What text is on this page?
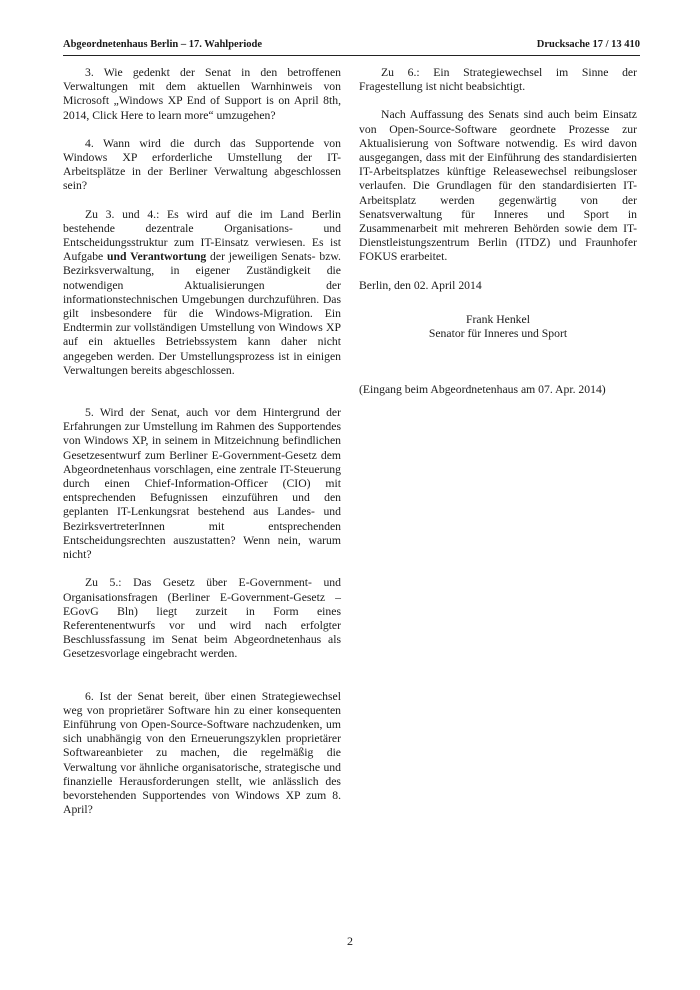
Abgeordnetenhaus Berlin – 17. Wahlperiode	Drucksache 17 / 13 410

3. Wie gedenkt der Senat in den betroffenen Verwaltungen mit dem aktuellen Warnhinweis von Microsoft „Windows XP End of Support is on April 8th, 2014, Click Here to learn more“ umzugehen?

4. Wann wird die durch das Supportende von Windows XP erforderliche Umstellung der IT-Arbeitsplätze in der Berliner Verwaltung abgeschlossen sein?

Zu 3. und 4.: Es wird auf die im Land Berlin bestehende dezentrale Organisations- und Entscheidungsstruktur zum IT-Einsatz verwiesen. Es ist Aufgabe und Verantwortung der jeweiligen Senats- bzw. Bezirksverwaltung, in eigener Zuständigkeit die notwendigen Aktualisierungen der informationstechnischen Umgebungen durchzuführen. Das gilt insbesondere für die Windows-Migration. Ein Endtermin zur vollständigen Umstellung von Windows XP auf ein aktuelles Betriebssystem kann daher nicht angegeben werden. Der Umstellungsprozess ist in einigen Verwaltungen bereits abgeschlossen.

5. Wird der Senat, auch vor dem Hintergrund der Erfahrungen zur Umstellung im Rahmen des Supportendes von Windows XP, in seinem in Mitzeichnung befindlichen Gesetzesentwurf zum Berliner E-Government-Gesetz dem Abgeordnetenhaus vorschlagen, eine zentrale IT-Steuerung durch einen Chief-Information-Officer (CIO) mit entsprechenden Befugnissen einzuführen und den geplanten IT-Lenkungsrat bestehend aus Landes- und BezirksvertreterInnen mit entsprechenden Entscheidungsrechten auszustatten? Wenn nein, warum nicht?

Zu 5.: Das Gesetz über E-Government- und Organisationsfragen (Berliner E-Government-Gesetz – EGovG Bln) liegt zurzeit in Form eines Referentenentwurfs vor und wird nach erfolgter Beschlussfassung im Senat beim Abgeordnetenhaus als Gesetzesvorlage eingebracht werden.

6. Ist der Senat bereit, über einen Strategiewechsel weg von proprietärer Software hin zu einer konsequenten Einführung von Open-Source-Software nachzudenken, um sich unabhängig von den Erneuerungszyklen proprietärer Softwareanbieter zu machen, die regelmäßig die Verwaltung vor ähnliche organisatorische, strategische und finanzielle Herausforderungen stellt, wie anlässlich des bevorstehenden Supportendes von Windows XP zum 8. April?

Zu 6.: Ein Strategiewechsel im Sinne der Fragestellung ist nicht beabsichtigt.

Nach Auffassung des Senats sind auch beim Einsatz von Open-Source-Software geordnete Prozesse zur Aktualisierung von Software notwendig. Es wird davon ausgegangen, dass mit der Einführung des standardisierten IT-Arbeitsplatzes künftige Releasewechsel reibungsloser verlaufen. Die Grundlagen für den standardisierten IT-Arbeitsplatz werden gegenwärtig von der Senatsverwaltung für Inneres und Sport in Zusammenarbeit mit mehreren Behörden sowie dem IT-Dienstleistungszentrum Berlin (ITDZ) und Fraunhofer FOKUS erarbeitet.

Berlin, den 02. April 2014

Frank Henkel

Senator für Inneres und Sport

(Eingang beim Abgeordnetenhaus am 07. Apr. 2014)

2
